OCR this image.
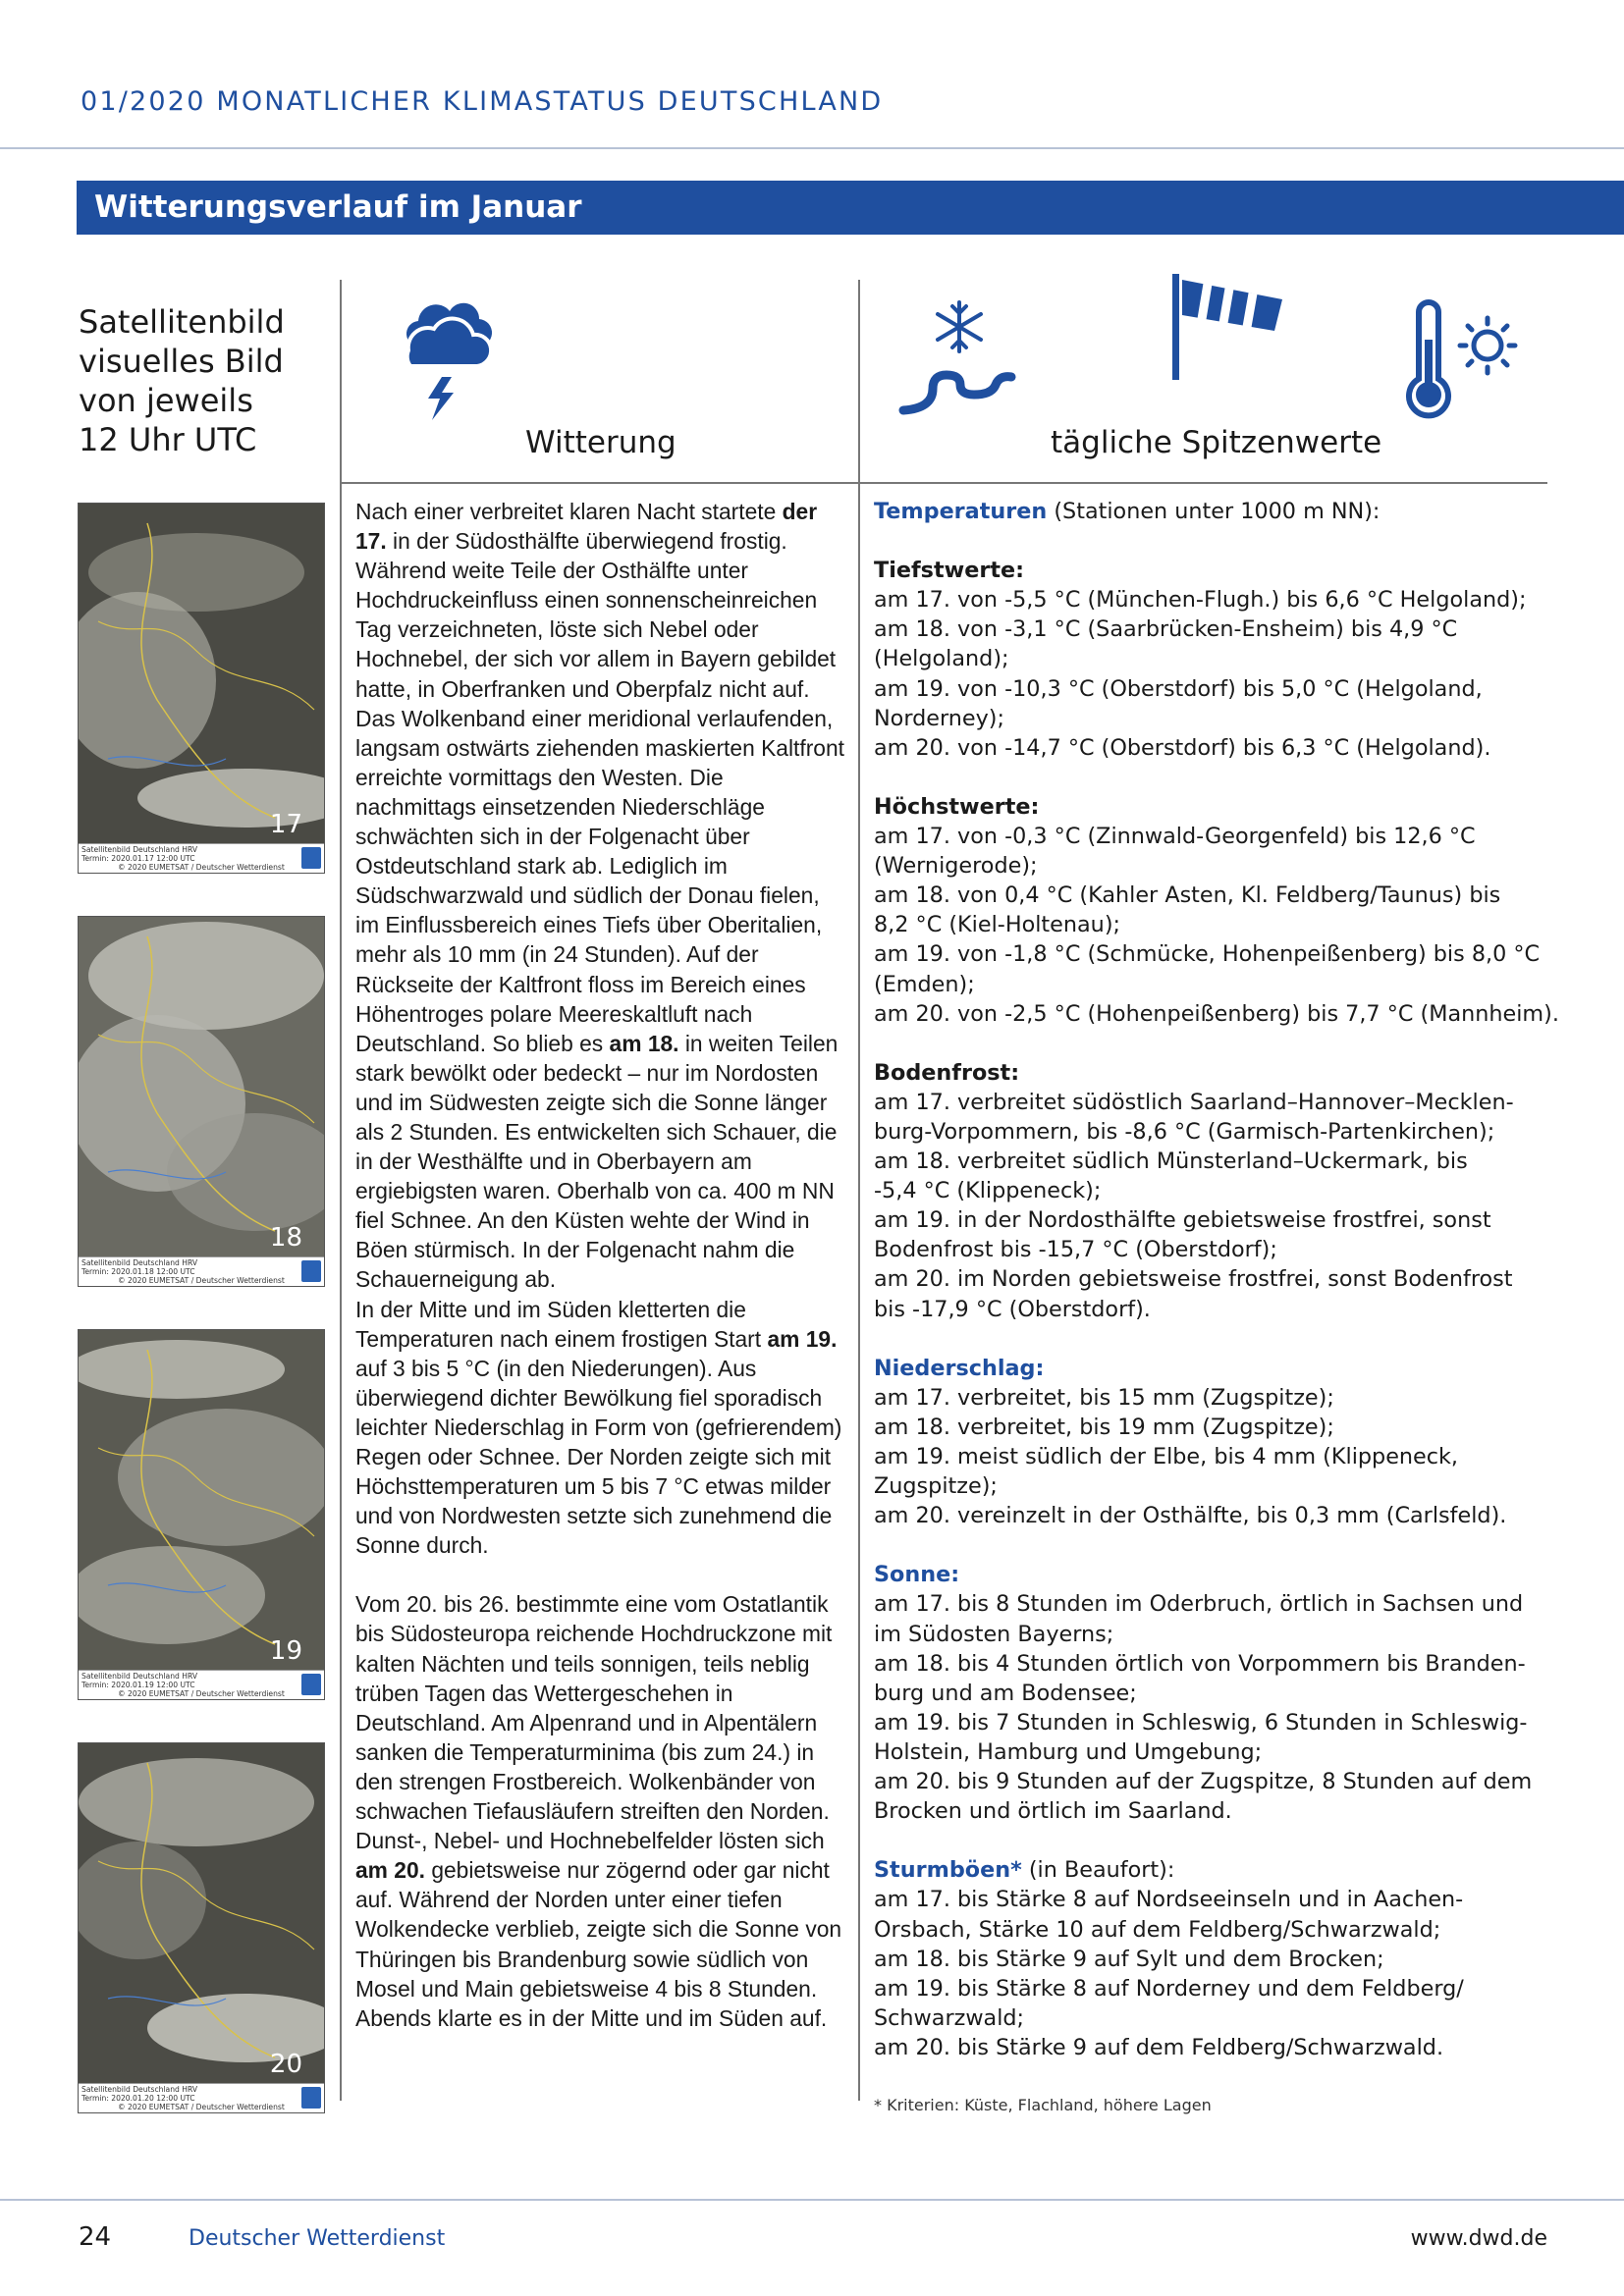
01/2020 MONATLICHER KLIMASTATUS DEUTSCHLAND
Witterungsverlauf im Januar
Satellitenbild
visuelles Bild
von jeweils
12 Uhr UTC	Witterung	tägliche Spitzenwerte
17
Satellitenbild Deutschland HRV
Termin: 2020.01.17 12:00 UTC
© 2020 EUMETSAT / Deutscher Wetterdienst
18
Satellitenbild Deutschland HRV
Termin: 2020.01.18 12:00 UTC
© 2020 EUMETSAT / Deutscher Wetterdienst
19
Satellitenbild Deutschland HRV
Termin: 2020.01.19 12:00 UTC
© 2020 EUMETSAT / Deutscher Wetterdienst
20
Satellitenbild Deutschland HRV
Termin: 2020.01.20 12:00 UTC
© 2020 EUMETSAT / Deutscher Wetterdienst

Nach einer verbreitet klaren Nacht startete der 17. in der Südosthälfte überwiegend frostig. Während weite Teile der Osthälfte unter Hochdruckeinfluss einen sonnenscheinreichen Tag verzeichneten, löste sich Nebel oder Hochnebel, der sich vor allem in Bayern gebildet hatte, in Oberfranken und Oberpfalz nicht auf. Das Wolkenband einer meridional verlaufenden, langsam ostwärts ziehenden maskierten Kaltfront erreichte vormittags den Westen. Die nachmittags einsetzenden Niederschläge schwächten sich in der Folgenacht über Ostdeutschland stark ab. Lediglich im Südschwarzwald und südlich der Donau fielen, im Einflussbereich eines Tiefs über Oberitalien, mehr als 10 mm (in 24 Stunden). Auf der Rückseite der Kaltfront floss im Bereich eines Höhentroges polare Meereskaltluft nach Deutschland. So blieb es am 18. in weiten Teilen stark bewölkt oder bedeckt – nur im Nordosten und im Südwesten zeigte sich die Sonne länger als 2 Stunden. Es entwickelten sich Schauer, die in der Westhälfte und in Oberbayern am ergiebigsten waren. Oberhalb von ca. 400 m NN fiel Schnee. An den Küsten wehte der Wind in Böen stürmisch. In der Folgenacht nahm die Schauerneigung ab.

In der Mitte und im Süden kletterten die Temperaturen nach einem frostigen Start am 19. auf 3 bis 5 °C (in den Niederungen). Aus überwiegend dichter Bewölkung fiel sporadisch leichter Niederschlag in Form von (gefrierendem) Regen oder Schnee. Der Norden zeigte sich mit Höchsttemperaturen um 5 bis 7 °C etwas milder und von Nordwesten setzte sich zunehmend die Sonne durch.

Vom 20. bis 26. bestimmte eine vom Ostatlantik bis Südosteuropa reichende Hochdruckzone mit kalten Nächten und teils sonnigen, teils neblig trüben Tagen das Wettergeschehen in Deutschland. Am Alpenrand und in Alpentälern sanken die Temperaturminima (bis zum 24.) in den strengen Frostbereich. Wolkenbänder von schwachen Tiefausläufern streiften den Norden.

Dunst-, Nebel- und Hochnebelfelder lösten sich am 20. gebietsweise nur zögernd oder gar nicht auf. Während der Norden unter einer tiefen Wolkendecke verblieb, zeigte sich die Sonne von Thüringen bis Brandenburg sowie südlich von Mosel und Main gebietsweise 4 bis 8 Stunden. Abends klarte es in der Mitte und im Süden auf.

Temperaturen (Stationen unter 1000 m NN):
Tiefstwerte:
am 17. von -5,5 °C (München-Flugh.) bis 6,6 °C Helgoland);
am 18. von -3,1 °C (Saarbrücken-Ensheim) bis 4,9 °C
(Helgoland);
am 19. von -10,3 °C (Oberstdorf) bis 5,0 °C (Helgoland,
Norderney);
am 20. von -14,7 °C (Oberstdorf) bis 6,3 °C (Helgoland).
Höchstwerte:
am 17. von -0,3 °C (Zinnwald-Georgenfeld) bis 12,6 °C
(Wernigerode);
am 18. von 0,4 °C (Kahler Asten, Kl. Feldberg/Taunus) bis
8,2 °C (Kiel-Holtenau);
am 19. von -1,8 °C (Schmücke, Hohenpeißenberg) bis 8,0 °C
(Emden);
am 20. von -2,5 °C (Hohenpeißenberg) bis 7,7 °C (Mannheim).
Bodenfrost:
am 17. verbreitet südöstlich Saarland–Hannover–Mecklen-
burg-Vorpommern, bis -8,6 °C (Garmisch-Partenkirchen);
am 18. verbreitet südlich Münsterland–Uckermark, bis
-5,4 °C (Klippeneck);
am 19. in der Nordosthälfte gebietsweise frostfrei, sonst
Bodenfrost bis -15,7 °C (Oberstdorf);
am 20. im Norden gebietsweise frostfrei, sonst Bodenfrost
bis -17,9 °C (Oberstdorf).
Niederschlag:
am 17. verbreitet, bis 15 mm (Zugspitze);
am 18. verbreitet, bis 19 mm (Zugspitze);
am 19. meist südlich der Elbe, bis 4 mm (Klippeneck,
Zugspitze);
am 20. vereinzelt in der Osthälfte, bis 0,3 mm (Carlsfeld).
Sonne:
am 17. bis 8 Stunden im Oderbruch, örtlich in Sachsen und
im Südosten Bayerns;
am 18. bis 4 Stunden örtlich von Vorpommern bis Branden-
burg und am Bodensee;
am 19. bis 7 Stunden in Schleswig, 6 Stunden in Schleswig-
Holstein, Hamburg und Umgebung;
am 20. bis 9 Stunden auf der Zugspitze, 8 Stunden auf dem
Brocken und örtlich im Saarland.
Sturmböen* (in Beaufort):
am 17. bis Stärke 8 auf Nordseeinseln und in Aachen-
Orsbach, Stärke 10 auf dem Feldberg/Schwarzwald;
am 18. bis Stärke 9 auf Sylt und dem Brocken;
am 19. bis Stärke 8 auf Norderney und dem Feldberg/
Schwarzwald;
am 20. bis Stärke 9 auf dem Feldberg/Schwarzwald.
* Kriterien: Küste, Flachland, höhere Lagen
24	Deutscher Wetterdienst	www.dwd.de
